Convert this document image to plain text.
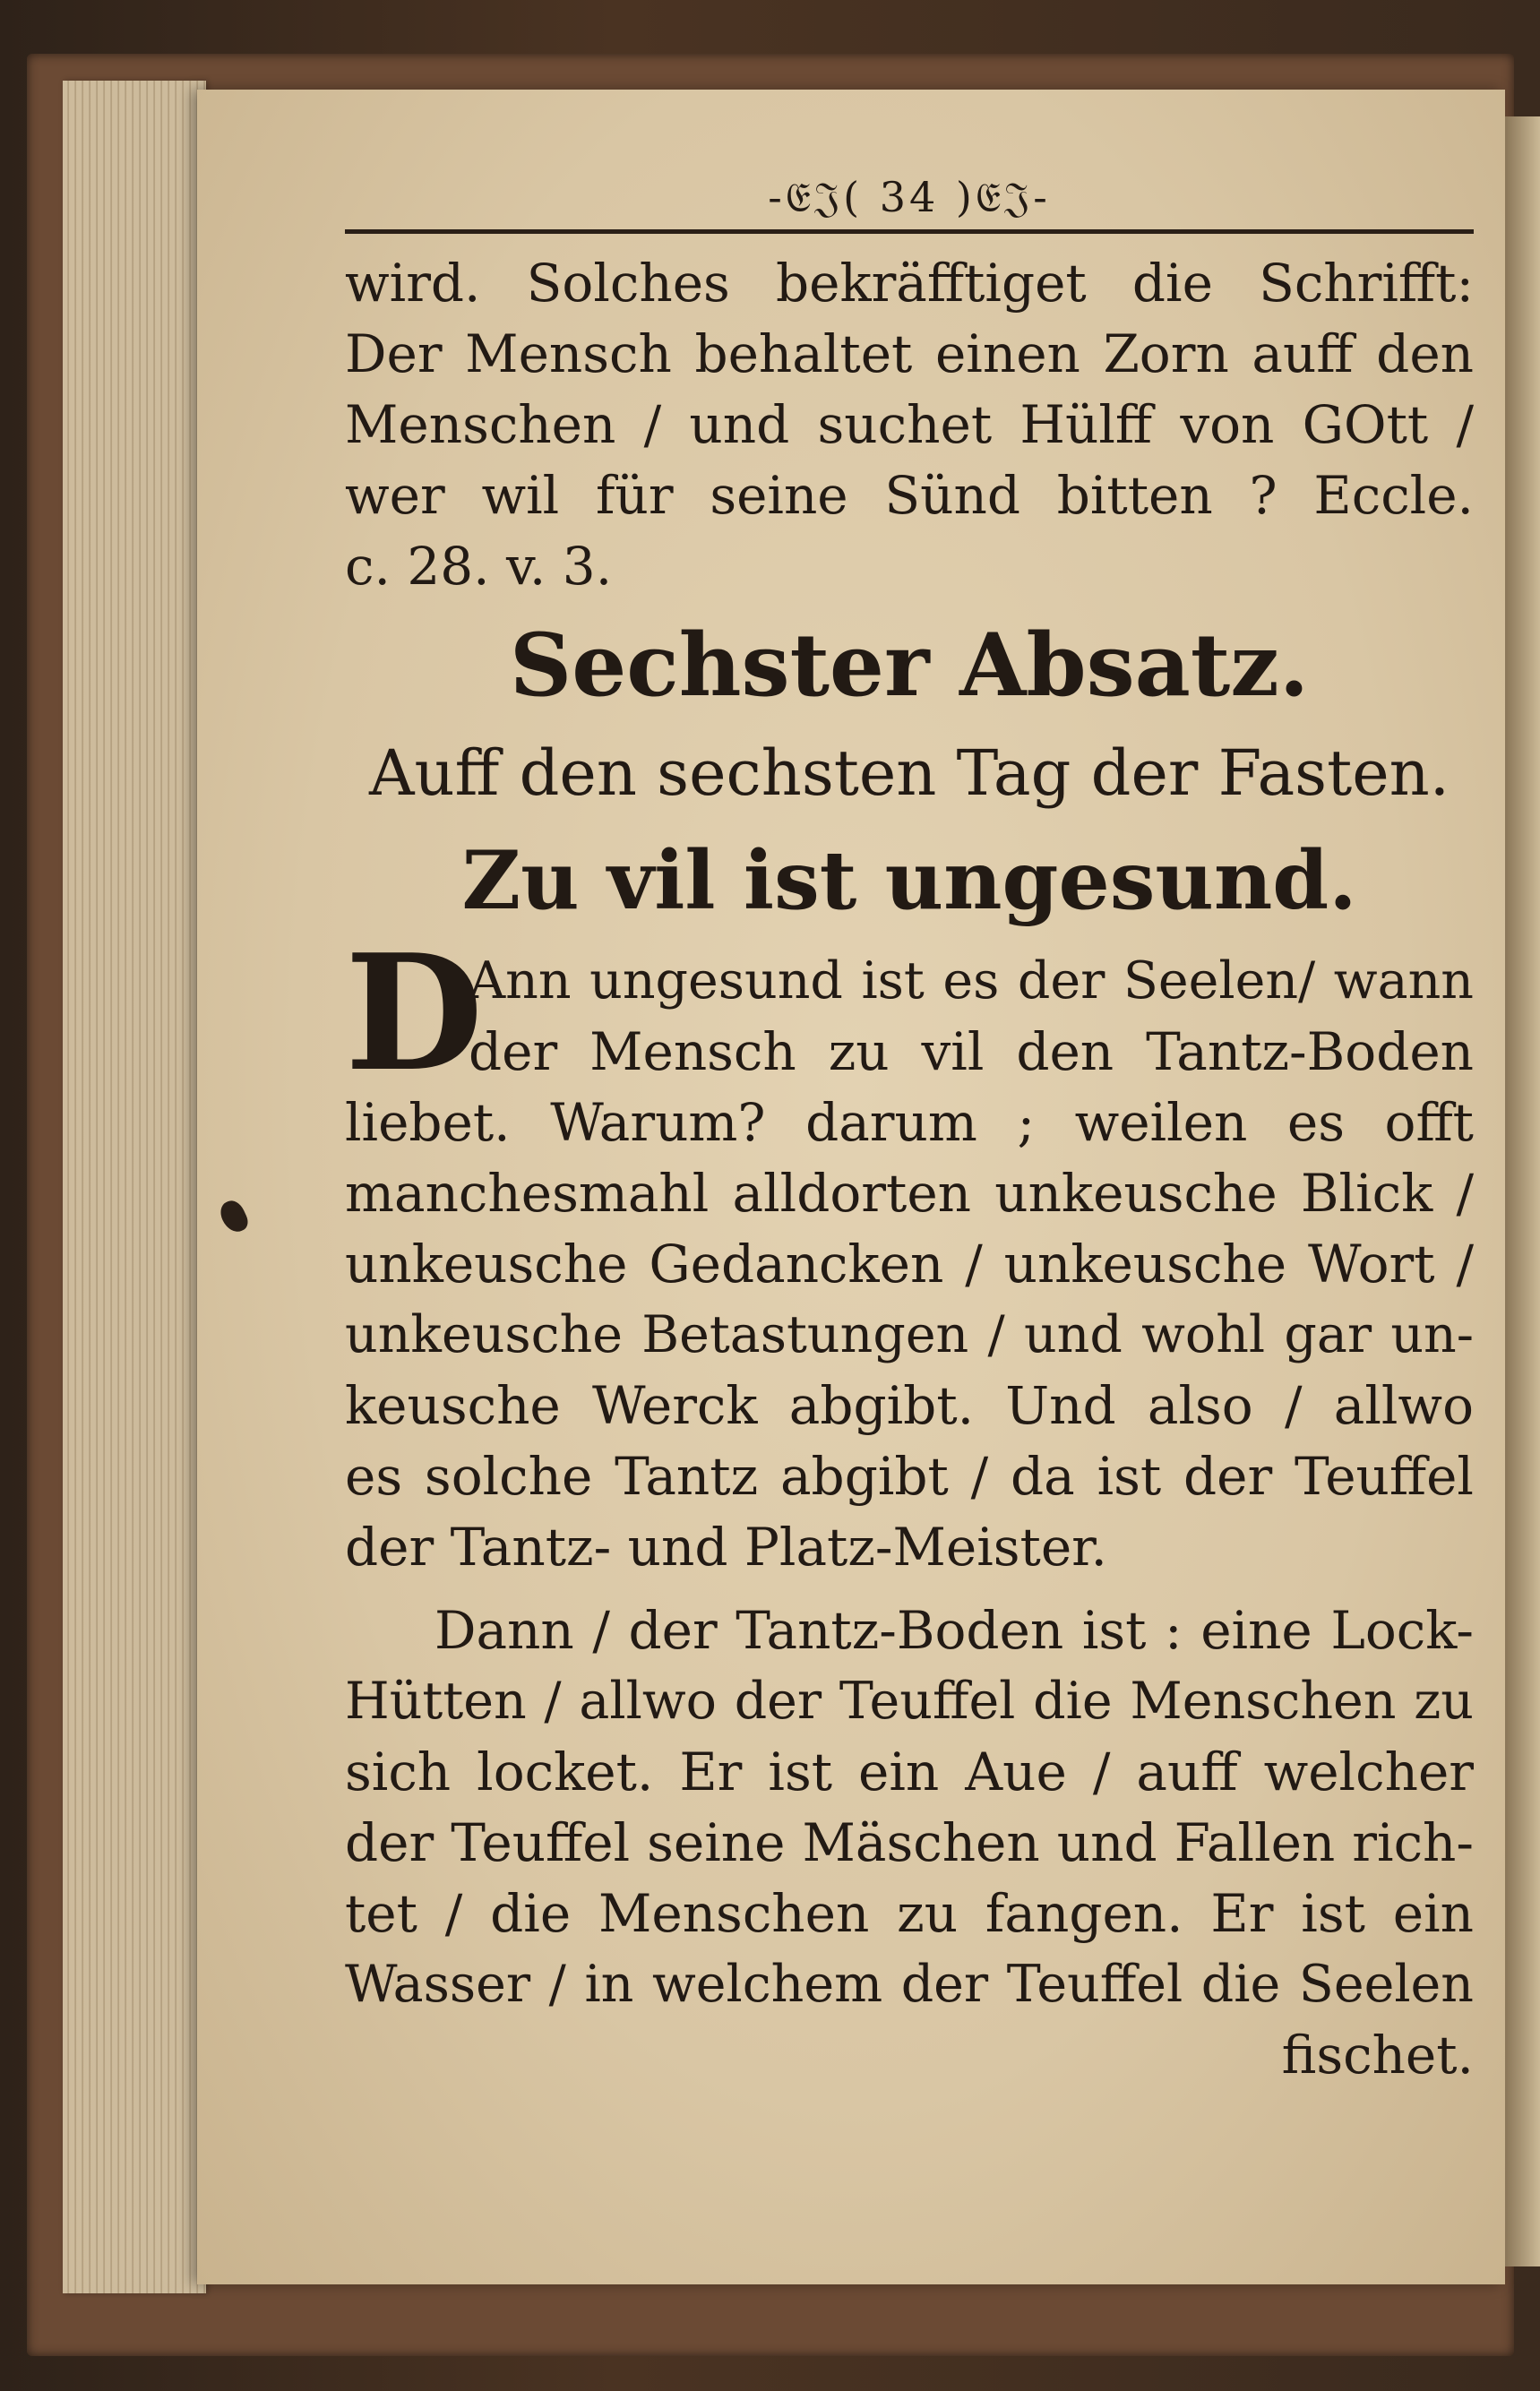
-𝔈𝔍( 34 )𝔈𝔍-
wird. Solches bekräfftiget die Schrifft:
Der Mensch behaltet einen Zorn auff den
Menschen / und suchet Hülff von GOtt /
wer wil für seine Sünd bitten ? Eccle.
c. 28. v. 3.
Sechster Absatz.
Auff den sechsten Tag der Fasten.
Zu vil ist ungesund.
D
Ann ungesund ist es der Seelen/ wann
der Mensch zu vil den Tantz-Boden
liebet. Warum? darum ; weilen es offt
manchesmahl alldorten unkeusche Blick /
unkeusche Gedancken / unkeusche Wort /
unkeusche Betastungen / und wohl gar un-
keusche Werck abgibt. Und also / allwo
es solche Tantz abgibt / da ist der Teuffel
der Tantz- und Platz-Meister.
Dann / der Tantz-Boden ist : eine Lock-
Hütten / allwo der Teuffel die Menschen zu
sich locket. Er ist ein Aue / auff welcher
der Teuffel seine Mäschen und Fallen rich-
tet / die Menschen zu fangen. Er ist ein
Wasser / in welchem der Teuffel die Seelen
fischet.
